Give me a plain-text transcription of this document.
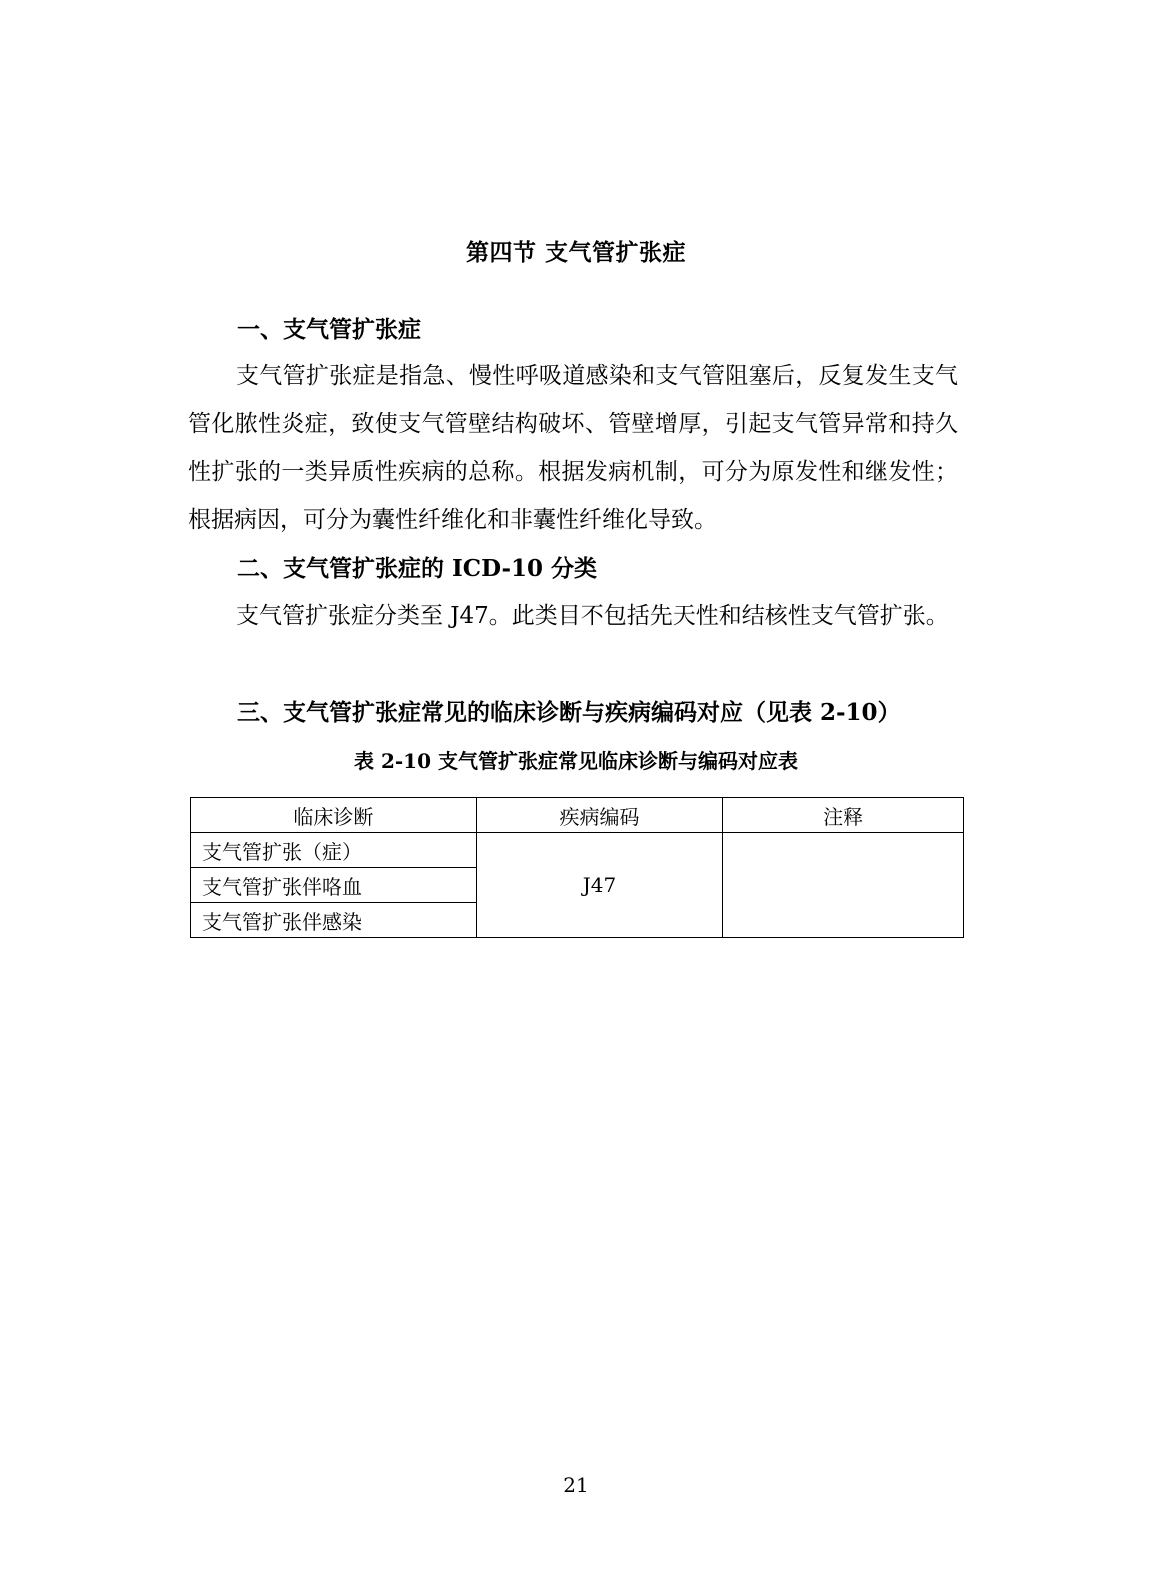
第四节 支气管扩张症
一、支气管扩张症
支气管扩张症是指急、慢性呼吸道感染和支气管阻塞后，反复发生支气管化脓性炎症，致使支气管壁结构破坏、管壁增厚，引起支气管异常和持久性扩张的一类异质性疾病的总称。根据发病机制，可分为原发性和继发性；根据病因，可分为囊性纤维化和非囊性纤维化导致。
二、支气管扩张症的 ICD-10 分类
支气管扩张症分类至 J47。此类目不包括先天性和结核性支气管扩张。
三、支气管扩张症常见的临床诊断与疾病编码对应（见表 2-10）
表 2-10 支气管扩张症常见临床诊断与编码对应表
临床诊断	疾病编码	注释
支气管扩张（症）	J47	
支气管扩张伴咯血		
支气管扩张伴感染		
21
